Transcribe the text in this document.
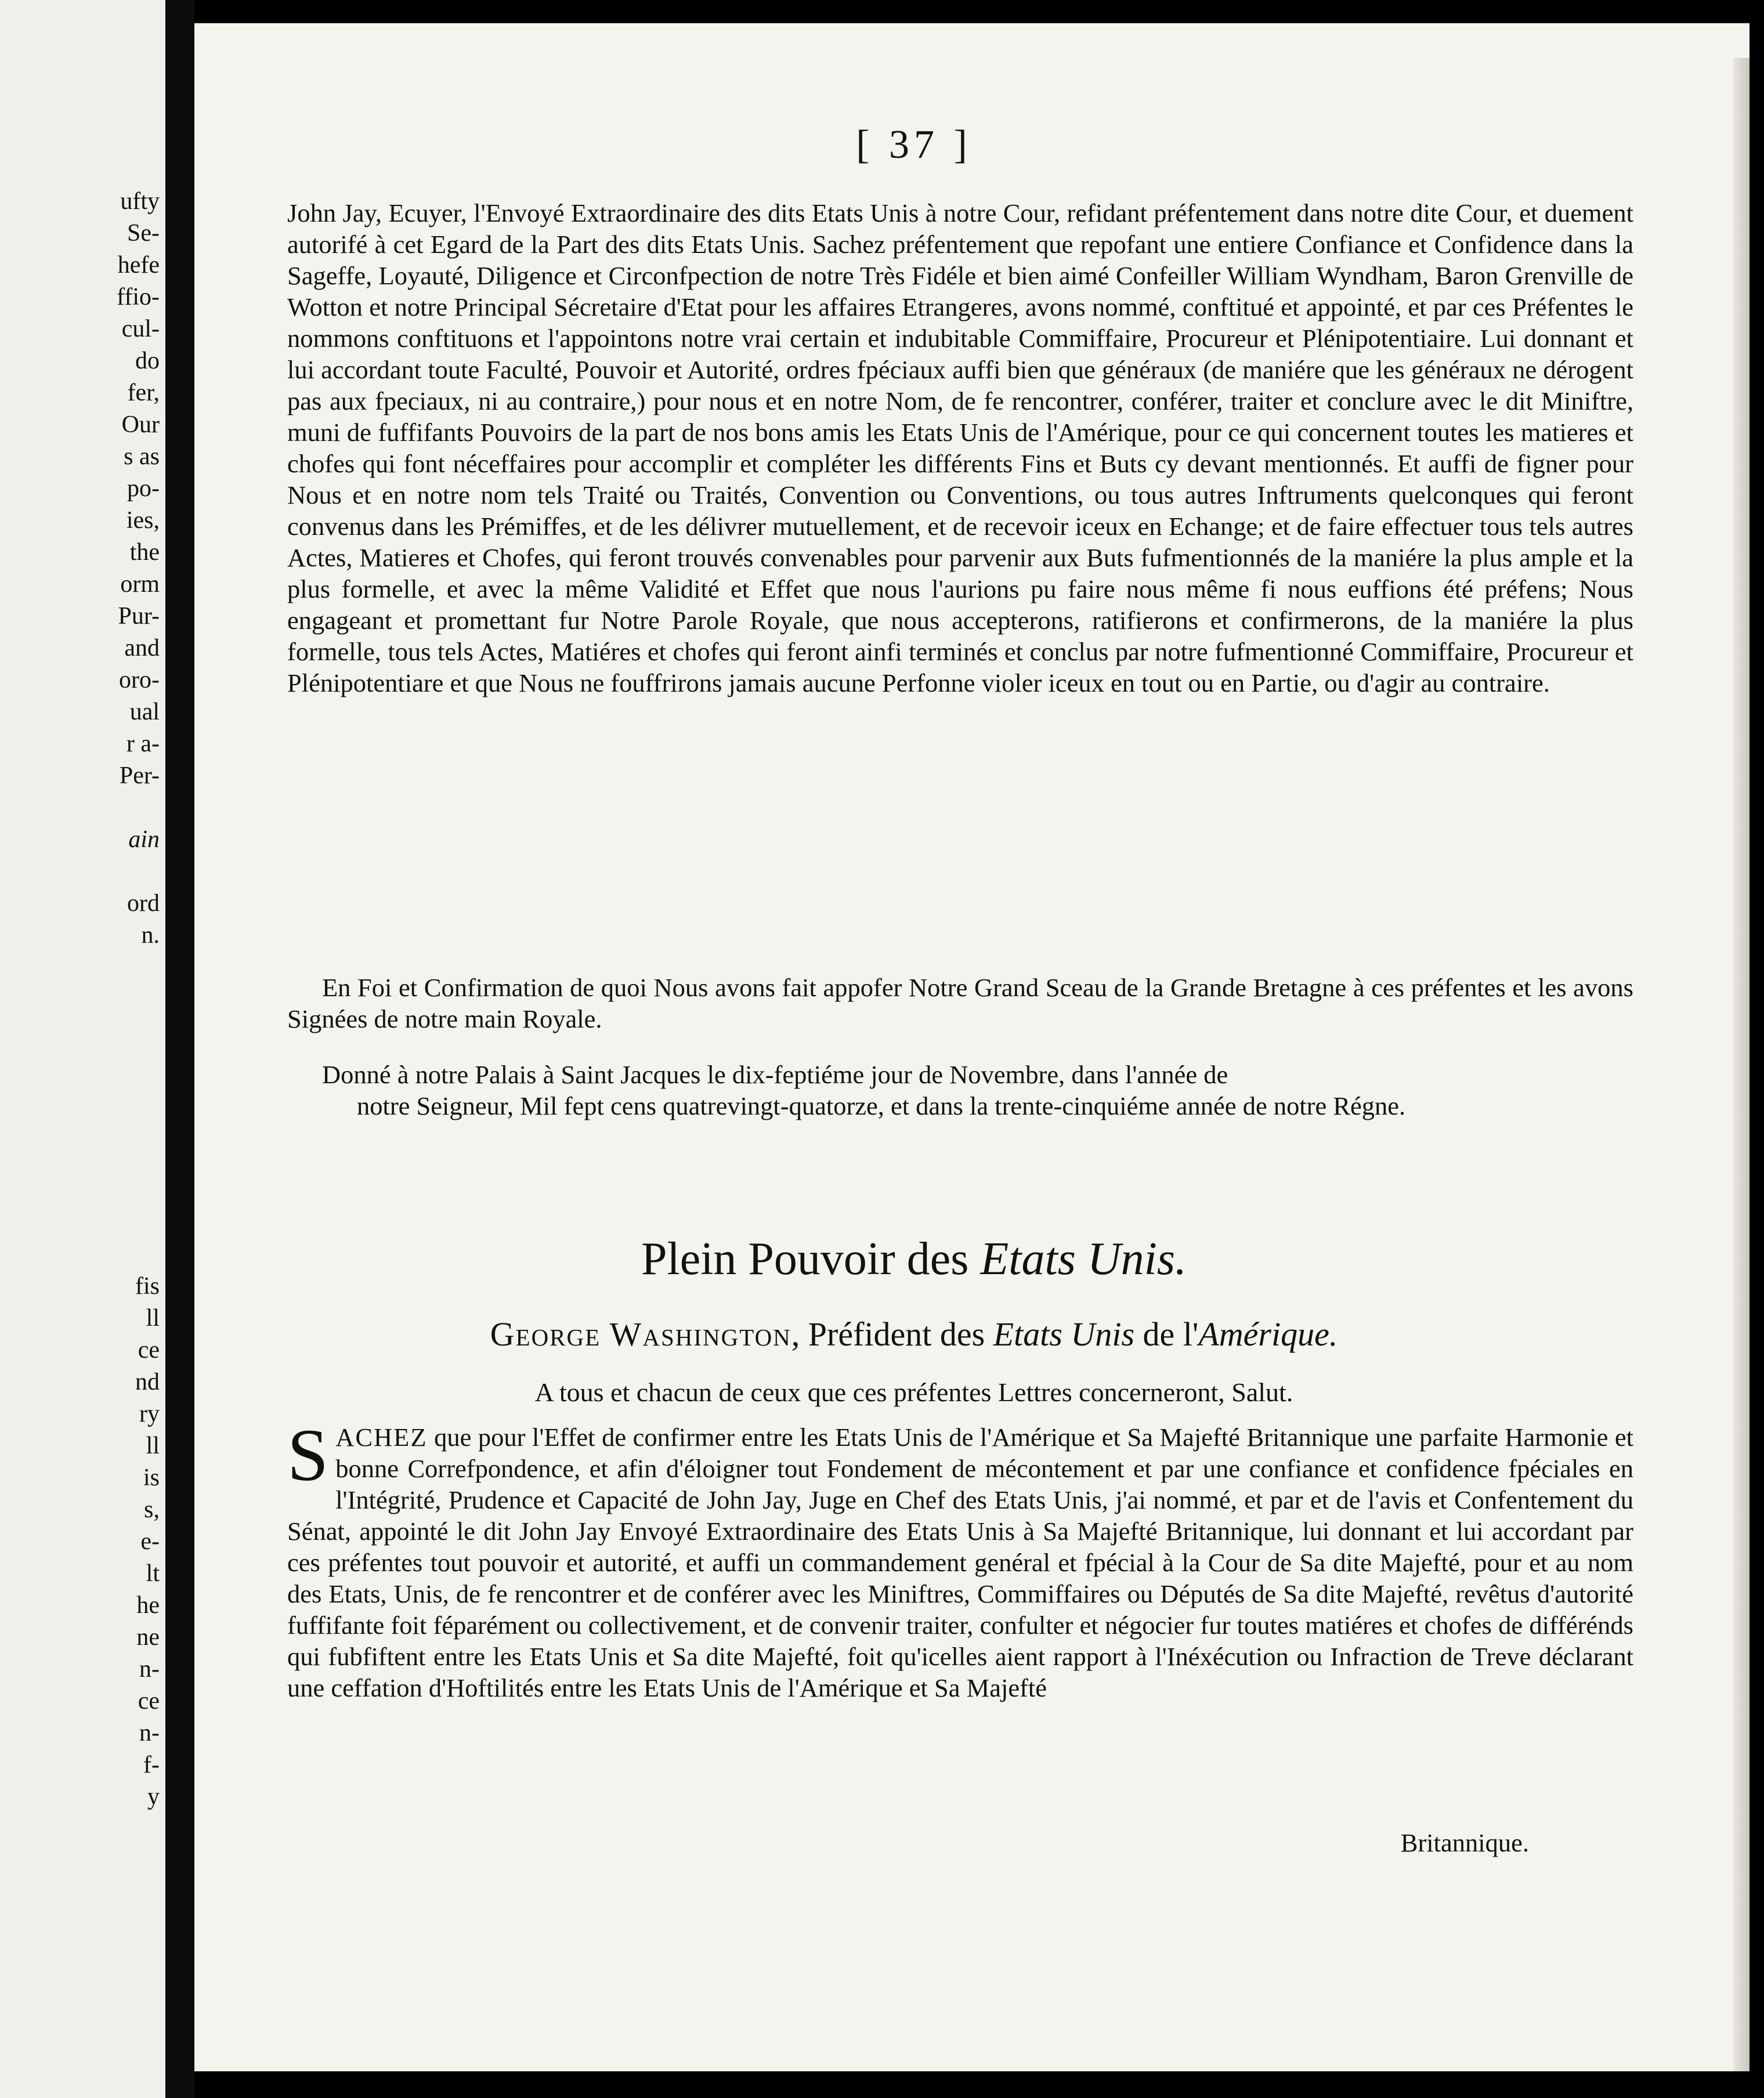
ufty
Se-
hefe
ffio-
cul-
do
fer,
Our
s as
po-
ies,
the
orm
Pur-
and
oro-
ual
r a-
Per-
ain
ord
n.
fis
ll
ce
nd
ry
ll
is
s,
e-
lt
he
ne
n-
ce
n-
f-
y
[ 37 ]

John Jay, Ecuyer, l'Envoyé Extraordinaire des dits Etats Unis à notre Cour, refidant préfentement dans notre dite Cour, et duement autorifé à cet Egard de la Part des dits Etats Unis. Sachez préfentement que repofant une entiere Confiance et Confidence dans la Sageffe, Loyauté, Diligence et Circonfpection de notre Très Fidéle et bien aimé Confeiller William Wyndham, Baron Grenville de Wotton et notre Principal Sécretaire d'Etat pour les affaires Etrangeres, avons nommé, conftitué et appointé, et par ces Préfentes le nommons conftituons et l'appointons notre vrai certain et indubitable Commiffaire, Procureur et Plénipotentiaire. Lui donnant et lui accordant toute Faculté, Pouvoir et Autorité, ordres fpéciaux auffi bien que généraux (de maniére que les généraux ne dérogent pas aux fpeciaux, ni au contraire,) pour nous et en notre Nom, de fe rencontrer, conférer, traiter et conclure avec le dit Miniftre, muni de fuffifants Pouvoirs de la part de nos bons amis les Etats Unis de l'Amérique, pour ce qui concernent toutes les matieres et chofes qui font néceffaires pour accomplir et compléter les différents Fins et Buts cy devant mentionnés. Et auffi de figner pour Nous et en notre nom tels Traité ou Traités, Convention ou Conventions, ou tous autres Inftruments quelconques qui feront convenus dans les Prémiffes, et de les délivrer mutuellement, et de recevoir iceux en Echange; et de faire effectuer tous tels autres Actes, Matieres et Chofes, qui feront trouvés convenables pour parvenir aux Buts fufmentionnés de la maniére la plus ample et la plus formelle, et avec la même Validité et Effet que nous l'aurions pu faire nous même fi nous euffions été préfens; Nous engageant et promettant fur Notre Parole Royale, que nous accepterons, ratifierons et confirmerons, de la maniére la plus formelle, tous tels Actes, Matiéres et chofes qui feront ainfi terminés et conclus par notre fufmentionné Commiffaire, Procureur et Plénipotentiare et que Nous ne fouffrirons jamais aucune Perfonne violer iceux en tout ou en Partie, ou d'agir au contraire.

En Foi et Confirmation de quoi Nous avons fait appofer Notre Grand Sceau de la Grande Bretagne à ces préfentes et les avons Signées de notre main Royale.

Donné à notre Palais à Saint Jacques le dix-feptiéme jour de Novembre, dans l'année de
notre Seigneur, Mil fept cens quatrevingt-quatorze, et dans la trente-cinquiéme année de notre Régne.

Plein Pouvoir des Etats Unis.
George Washington, Préfident des Etats Unis de l'Amérique.
A tous et chacun de ceux que ces préfentes Lettres concerneront, Salut.

SACHEZ que pour l'Effet de confirmer entre les Etats Unis de l'Amérique et Sa Majefté Britannique une parfaite Harmonie et bonne Correfpondence, et afin d'éloigner tout Fondement de mécontement et par une confiance et confidence fpéciales en l'Intégrité, Prudence et Capacité de John Jay, Juge en Chef des Etats Unis, j'ai nommé, et par et de l'avis et Confentement du Sénat, appointé le dit John Jay Envoyé Extraordinaire des Etats Unis à Sa Majefté Britannique, lui donnant et lui accordant par ces préfentes tout pouvoir et autorité, et auffi un commandement genéral et fpécial à la Cour de Sa dite Majefté, pour et au nom des Etats, Unis, de fe rencontrer et de conférer avec les Miniftres, Commiffaires ou Députés de Sa dite Majefté, revêtus d'autorité fuffifante foit féparément ou collectivement, et de convenir traiter, confulter et négocier fur toutes matiéres et chofes de différénds qui fubfiftent entre les Etats Unis et Sa dite Majefté, foit qu'icelles aient rapport à l'Inéxécution ou Infraction de Treve déclarant une ceffation d'Hoftilités entre les Etats Unis de l'Amérique et Sa Majefté

Britannique.
